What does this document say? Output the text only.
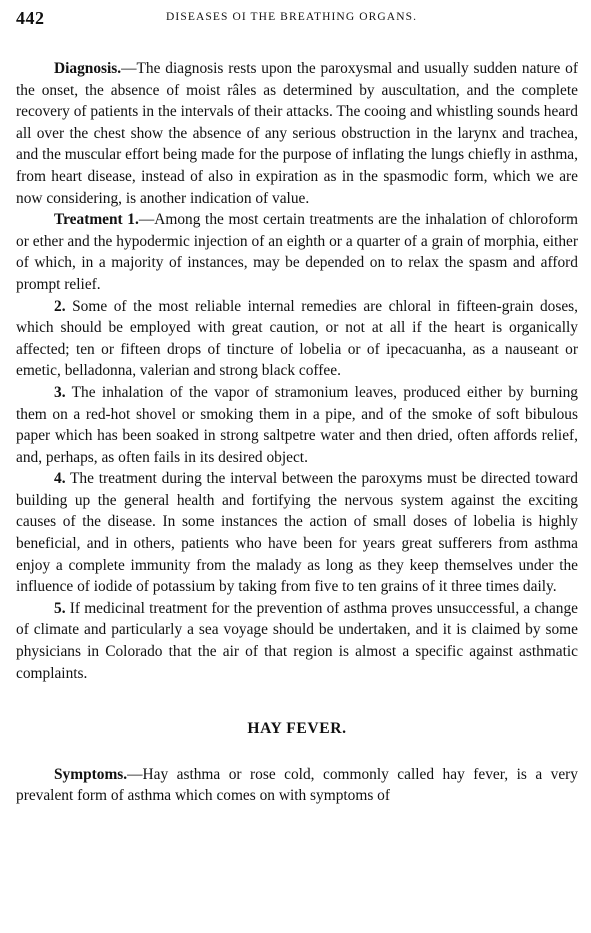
442	DISEASES OI THE BREATHING ORGANS.

Diagnosis.—The diagnosis rests upon the paroxysmal and usually sudden nature of the onset, the absence of moist râles as determined by auscultation, and the complete recovery of patients in the intervals of their attacks. The cooing and whistling sounds heard all over the chest show the absence of any serious obstruction in the larynx and trachea, and the muscular effort being made for the purpose of inflating the lungs chiefly in asthma, from heart disease, instead of also in expiration as in the spasmodic form, which we are now considering, is another indication of value.

Treatment 1.—Among the most certain treatments are the inhalation of chloroform or ether and the hypodermic injection of an eighth or a quarter of a grain of morphia, either of which, in a majority of instances, may be depended on to relax the spasm and afford prompt relief.

2. Some of the most reliable internal remedies are chloral in fifteen-grain doses, which should be employed with great caution, or not at all if the heart is organically affected; ten or fifteen drops of tincture of lobelia or of ipecacuanha, as a nauseant or emetic, belladonna, valerian and strong black coffee.

3. The inhalation of the vapor of stramonium leaves, produced either by burning them on a red-hot shovel or smoking them in a pipe, and of the smoke of soft bibulous paper which has been soaked in strong saltpetre water and then dried, often affords relief, and, perhaps, as often fails in its desired object.

4. The treatment during the interval between the paroxyms must be directed toward building up the general health and fortifying the nervous system against the exciting causes of the disease. In some instances the action of small doses of lobelia is highly beneficial, and in others, patients who have been for years great sufferers from asthma enjoy a complete immunity from the malady as long as they keep themselves under the influence of iodide of potassium by taking from five to ten grains of it three times daily.

5. If medicinal treatment for the prevention of asthma proves unsuccessful, a change of climate and particularly a sea voyage should be undertaken, and it is claimed by some physicians in Colorado that the air of that region is almost a specific against asthmatic complaints.

HAY FEVER.

Symptoms.—Hay asthma or rose cold, commonly called hay fever, is a very prevalent form of asthma which comes on with symptoms of
